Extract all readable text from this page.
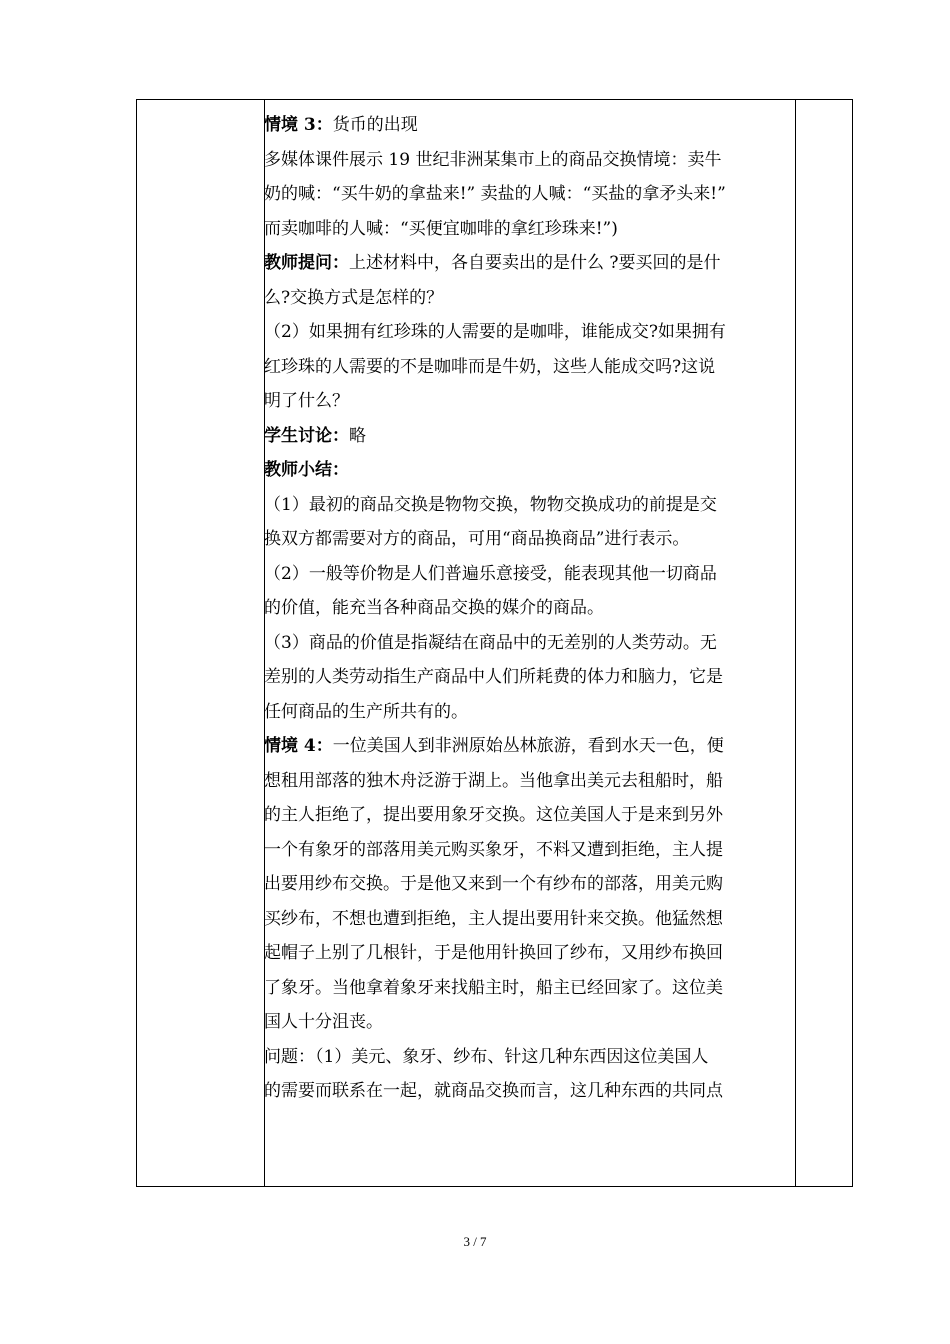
情境 3：货币的出现

多媒体课件展示 19 世纪非洲某集市上的商品交换情境：卖牛

奶的喊：“买牛奶的拿盐来!” 卖盐的人喊：“买盐的拿矛头来!”

而卖咖啡的人喊：“买便宜咖啡的拿红珍珠来!”)

教师提问：上述材料中，各自要卖出的是什么 ?要买回的是什

么?交换方式是怎样的？

（2）如果拥有红珍珠的人需要的是咖啡，谁能成交?如果拥有

红珍珠的人需要的不是咖啡而是牛奶，这些人能成交吗?这说

明了什么？

学生讨论：略

教师小结：

（1）最初的商品交换是物物交换，物物交换成功的前提是交

换双方都需要对方的商品，可用“商品换商品”进行表示。

（2）一般等价物是人们普遍乐意接受，能表现其他一切商品

的价值，能充当各种商品交换的媒介的商品。

（3）商品的价值是指凝结在商品中的无差别的人类劳动。无

差别的人类劳动指生产商品中人们所耗费的体力和脑力，它是

任何商品的生产所共有的。

情境 4：一位美国人到非洲原始丛林旅游，看到水天一色，便

想租用部落的独木舟泛游于湖上。当他拿出美元去租船时，船

的主人拒绝了，提出要用象牙交换。这位美国人于是来到另外

一个有象牙的部落用美元购买象牙，不料又遭到拒绝，主人提

出要用纱布交换。于是他又来到一个有纱布的部落，用美元购

买纱布，不想也遭到拒绝，主人提出要用针来交换。他猛然想

起帽子上别了几根针，于是他用针换回了纱布，又用纱布换回

了象牙。当他拿着象牙来找船主时，船主已经回家了。这位美

国人十分沮丧。

问题：（1）美元、象牙、纱布、针这几种东西因这位美国人

的需要而联系在一起，就商品交换而言，这几种东西的共同点

3 / 7
